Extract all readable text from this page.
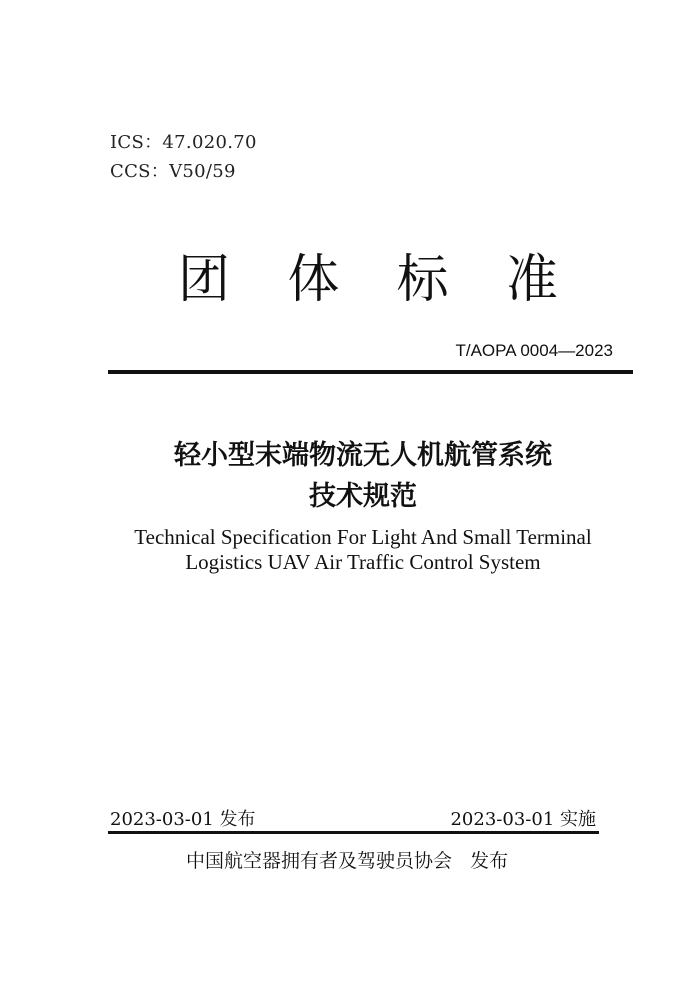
ICS：47.020.70
CCS：V50/59
团 体 标 准
T/AOPA 0004—2023
轻小型末端物流无人机航管系统
技术规范
Technical Specification For Light And Small Terminal
Logistics UAV Air Traffic Control System
2023-03-01 发布	2023-03-01 实施
中国航空器拥有者及驾驶员协会   发布
